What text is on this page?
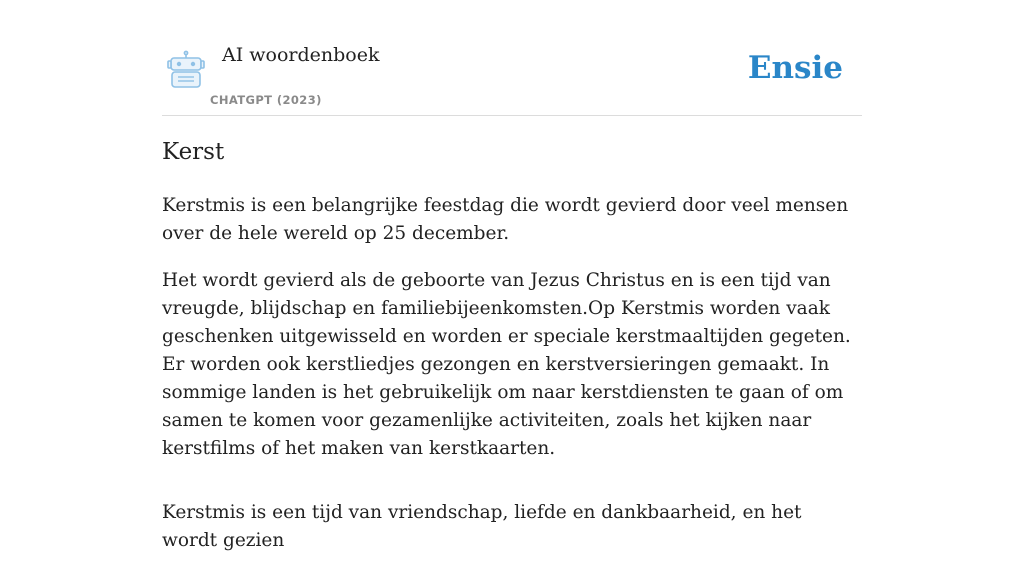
AI woordenboek
CHATGPT (2023)
Ensie
Kerst

Kerstmis is een belangrijke feestdag die wordt gevierd door veel mensen over de hele wereld op 25 december.

Het wordt gevierd als de geboorte van Jezus Christus en is een tijd van vreugde, blijdschap en familiebijeenkomsten.Op Kerstmis worden vaak geschenken uitgewisseld en worden er speciale kerstmaaltijden gegeten. Er worden ook kerstliedjes gezongen en kerstversieringen gemaakt. In sommige landen is het gebruikelijk om naar kerstdiensten te gaan of om samen te komen voor gezamenlijke activiteiten, zoals het kijken naar kerstfilms of het maken van kerstkaarten.

Kerstmis is een tijd van vriendschap, liefde en dankbaarheid, en het wordt gezien
